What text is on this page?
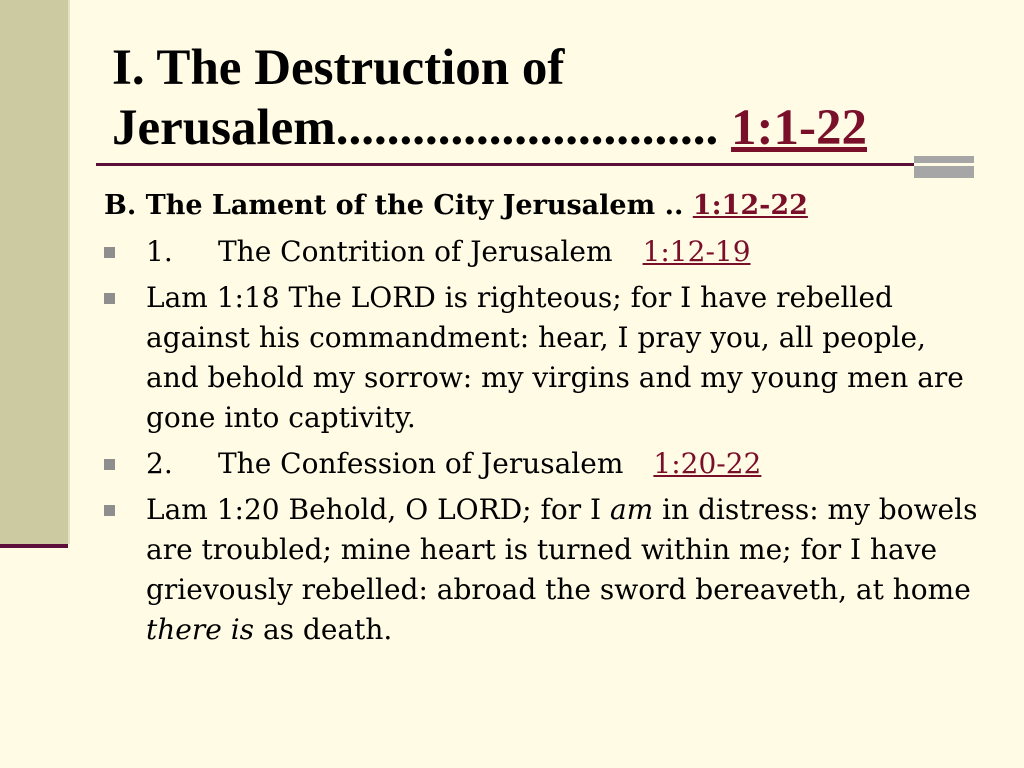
I. The Destruction of
Jerusalem.............................. 1:1-22
B. The Lament of the City Jerusalem .. 1:12-22
1. The Contrition of Jerusalem 1:12-19
Lam 1:18 The LORD is righteous; for I have rebelled against his commandment: hear, I pray you, all people, and behold my sorrow: my virgins and my young men are gone into captivity.
2. The Confession of Jerusalem 1:20-22
Lam 1:20 Behold, O LORD; for I am in distress: my bowels are troubled; mine heart is turned within me; for I have grievously rebelled: abroad the sword bereaveth, at home there is as death.
